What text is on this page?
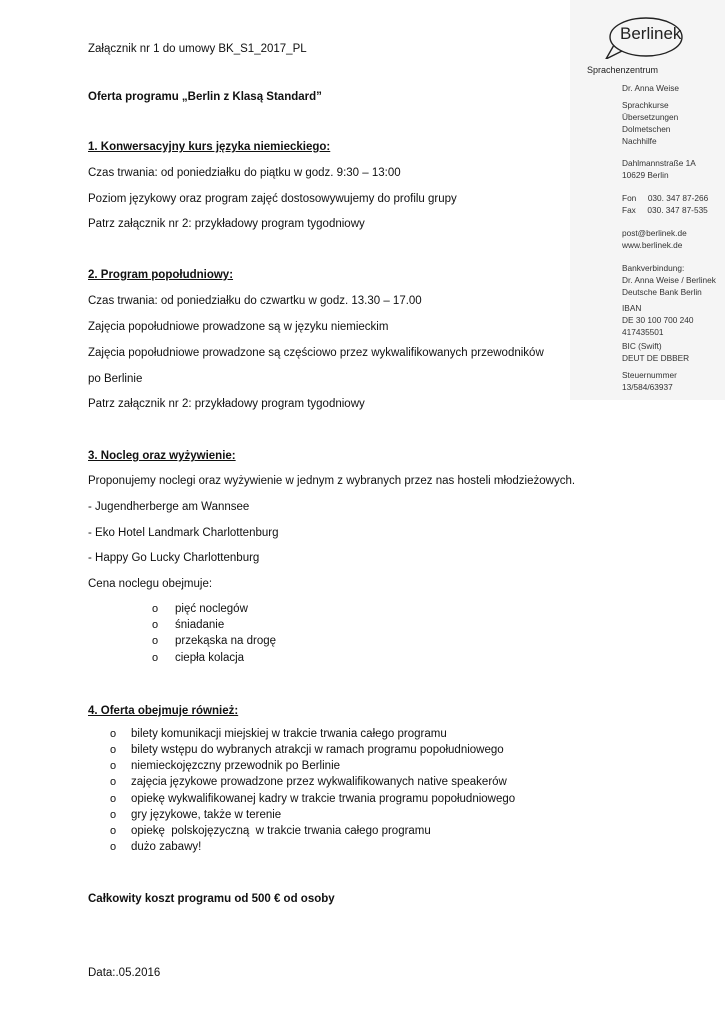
Berlinek
Sprachenzentrum
Dr. Anna Weise
Sprachkurse
Übersetzungen
Dolmetschen
Nachhilfe
Dahlmannstraße 1A
10629 Berlin
Fon     030. 347 87-266
Fax     030. 347 87-535
post@berlinek.de
www.berlinek.de
Bankverbindung:
Dr. Anna Weise / Berlinek
Deutsche Bank Berlin
IBAN
DE 30 100 700 240
417435501
BIC (Swift)
DEUT DE DBBER
Steuernummer
13/584/63937
Załącznik nr 1 do umowy BK_S1_2017_PL
Oferta programu „Berlin z Klasą Standard”
1. Konwersacyjny kurs języka niemieckiego:
Czas trwania: od poniedziałku do piątku w godz. 9:30 – 13:00
Poziom językowy oraz program zajęć dostosowywujemy do profilu grupy
Patrz załącznik nr 2: przykładowy program tygodniowy
2. Program popołudniowy:
Czas trwania: od poniedziałku do czwartku w godz. 13.30 – 17.00
Zajęcia popołudniowe prowadzone są w języku niemieckim
Zajęcia popołudniowe prowadzone są częściowo przez wykwalifikowanych przewodników
po Berlinie
Patrz załącznik nr 2: przykładowy program tygodniowy
3. Nocleg oraz wyżywienie:
Proponujemy noclegi oraz wyżywienie w jednym z wybranych przez nas hosteli młodzieżowych.
- Jugendherberge am Wannsee
- Eko Hotel Landmark Charlottenburg
- Happy Go Lucky Charlottenburg
Cena noclegu obejmuje:
o pięć noclegów
o śniadanie
o przekąska na drogę
o ciepła kolacja
4. Oferta obejmuje również:
o bilety komunikacji miejskiej w trakcie trwania całego programu
o bilety wstępu do wybranych atrakcji w ramach programu popołudniowego
o niemieckojęzczny przewodnik po Berlinie
o zajęcia językowe prowadzone przez wykwalifikowanych native speakerów
o opiekę wykwalifikowanej kadry w trakcie trwania programu popołudniowego
o gry językowe, także w terenie
o opiekę  polskojęzyczną  w trakcie trwania całego programu
o dużo zabawy!
Całkowity koszt programu od 500 € od osoby
Data:.05.2016
